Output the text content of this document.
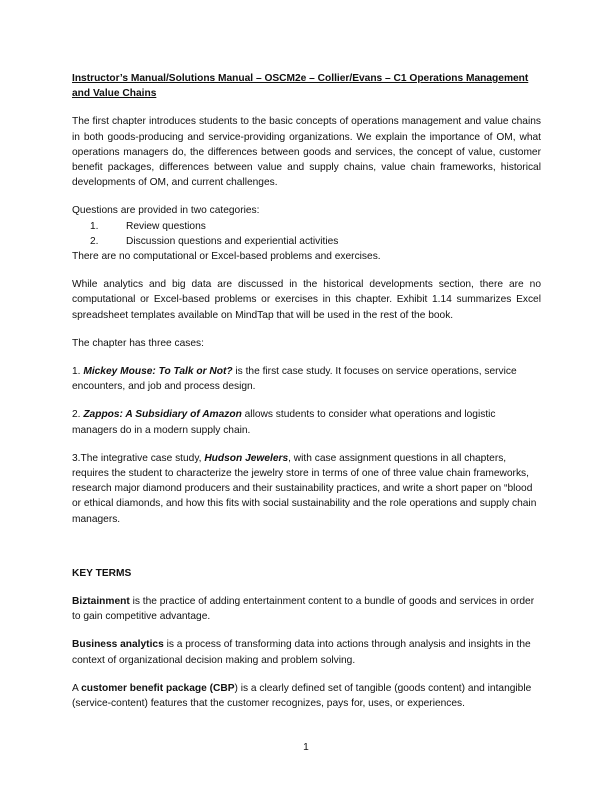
Instructor’s Manual/Solutions Manual – OSCM2e – Collier/Evans – C1 Operations Management and Value Chains

The first chapter introduces students to the basic concepts of operations management and value chains in both goods-producing and service-providing organizations. We explain the importance of OM, what operations managers do, the differences between goods and services, the concept of value, customer benefit packages, differences between value and supply chains, value chain frameworks, historical developments of OM, and current challenges.

Questions are provided in two categories:
1.	Review questions
2.	Discussion questions and experiential activities

There are no computational or Excel-based problems and exercises.

While analytics and big data are discussed in the historical developments section, there are no computational or Excel-based problems or exercises in this chapter. Exhibit 1.14 summarizes Excel spreadsheet templates available on MindTap that will be used in the rest of the book.

The chapter has three cases:

1. Mickey Mouse: To Talk or Not? is the first case study. It focuses on service operations, service encounters, and job and process design.

2. Zappos: A Subsidiary of Amazon allows students to consider what operations and logistic managers do in a modern supply chain.

3.The integrative case study, Hudson Jewelers, with case assignment questions in all chapters, requires the student to characterize the jewelry store in terms of one of three value chain frameworks, research major diamond producers and their sustainability practices, and write a short paper on “blood or ethical diamonds, and how this fits with social sustainability and the role operations and supply chain managers.

KEY TERMS

Biztainment is the practice of adding entertainment content to a bundle of goods and services in order to gain competitive advantage.

Business analytics is a process of transforming data into actions through analysis and insights in the context of organizational decision making and problem solving.

A customer benefit package (CBP) is a clearly defined set of tangible (goods content) and intangible (service-content) features that the customer recognizes, pays for, uses, or experiences.

1
